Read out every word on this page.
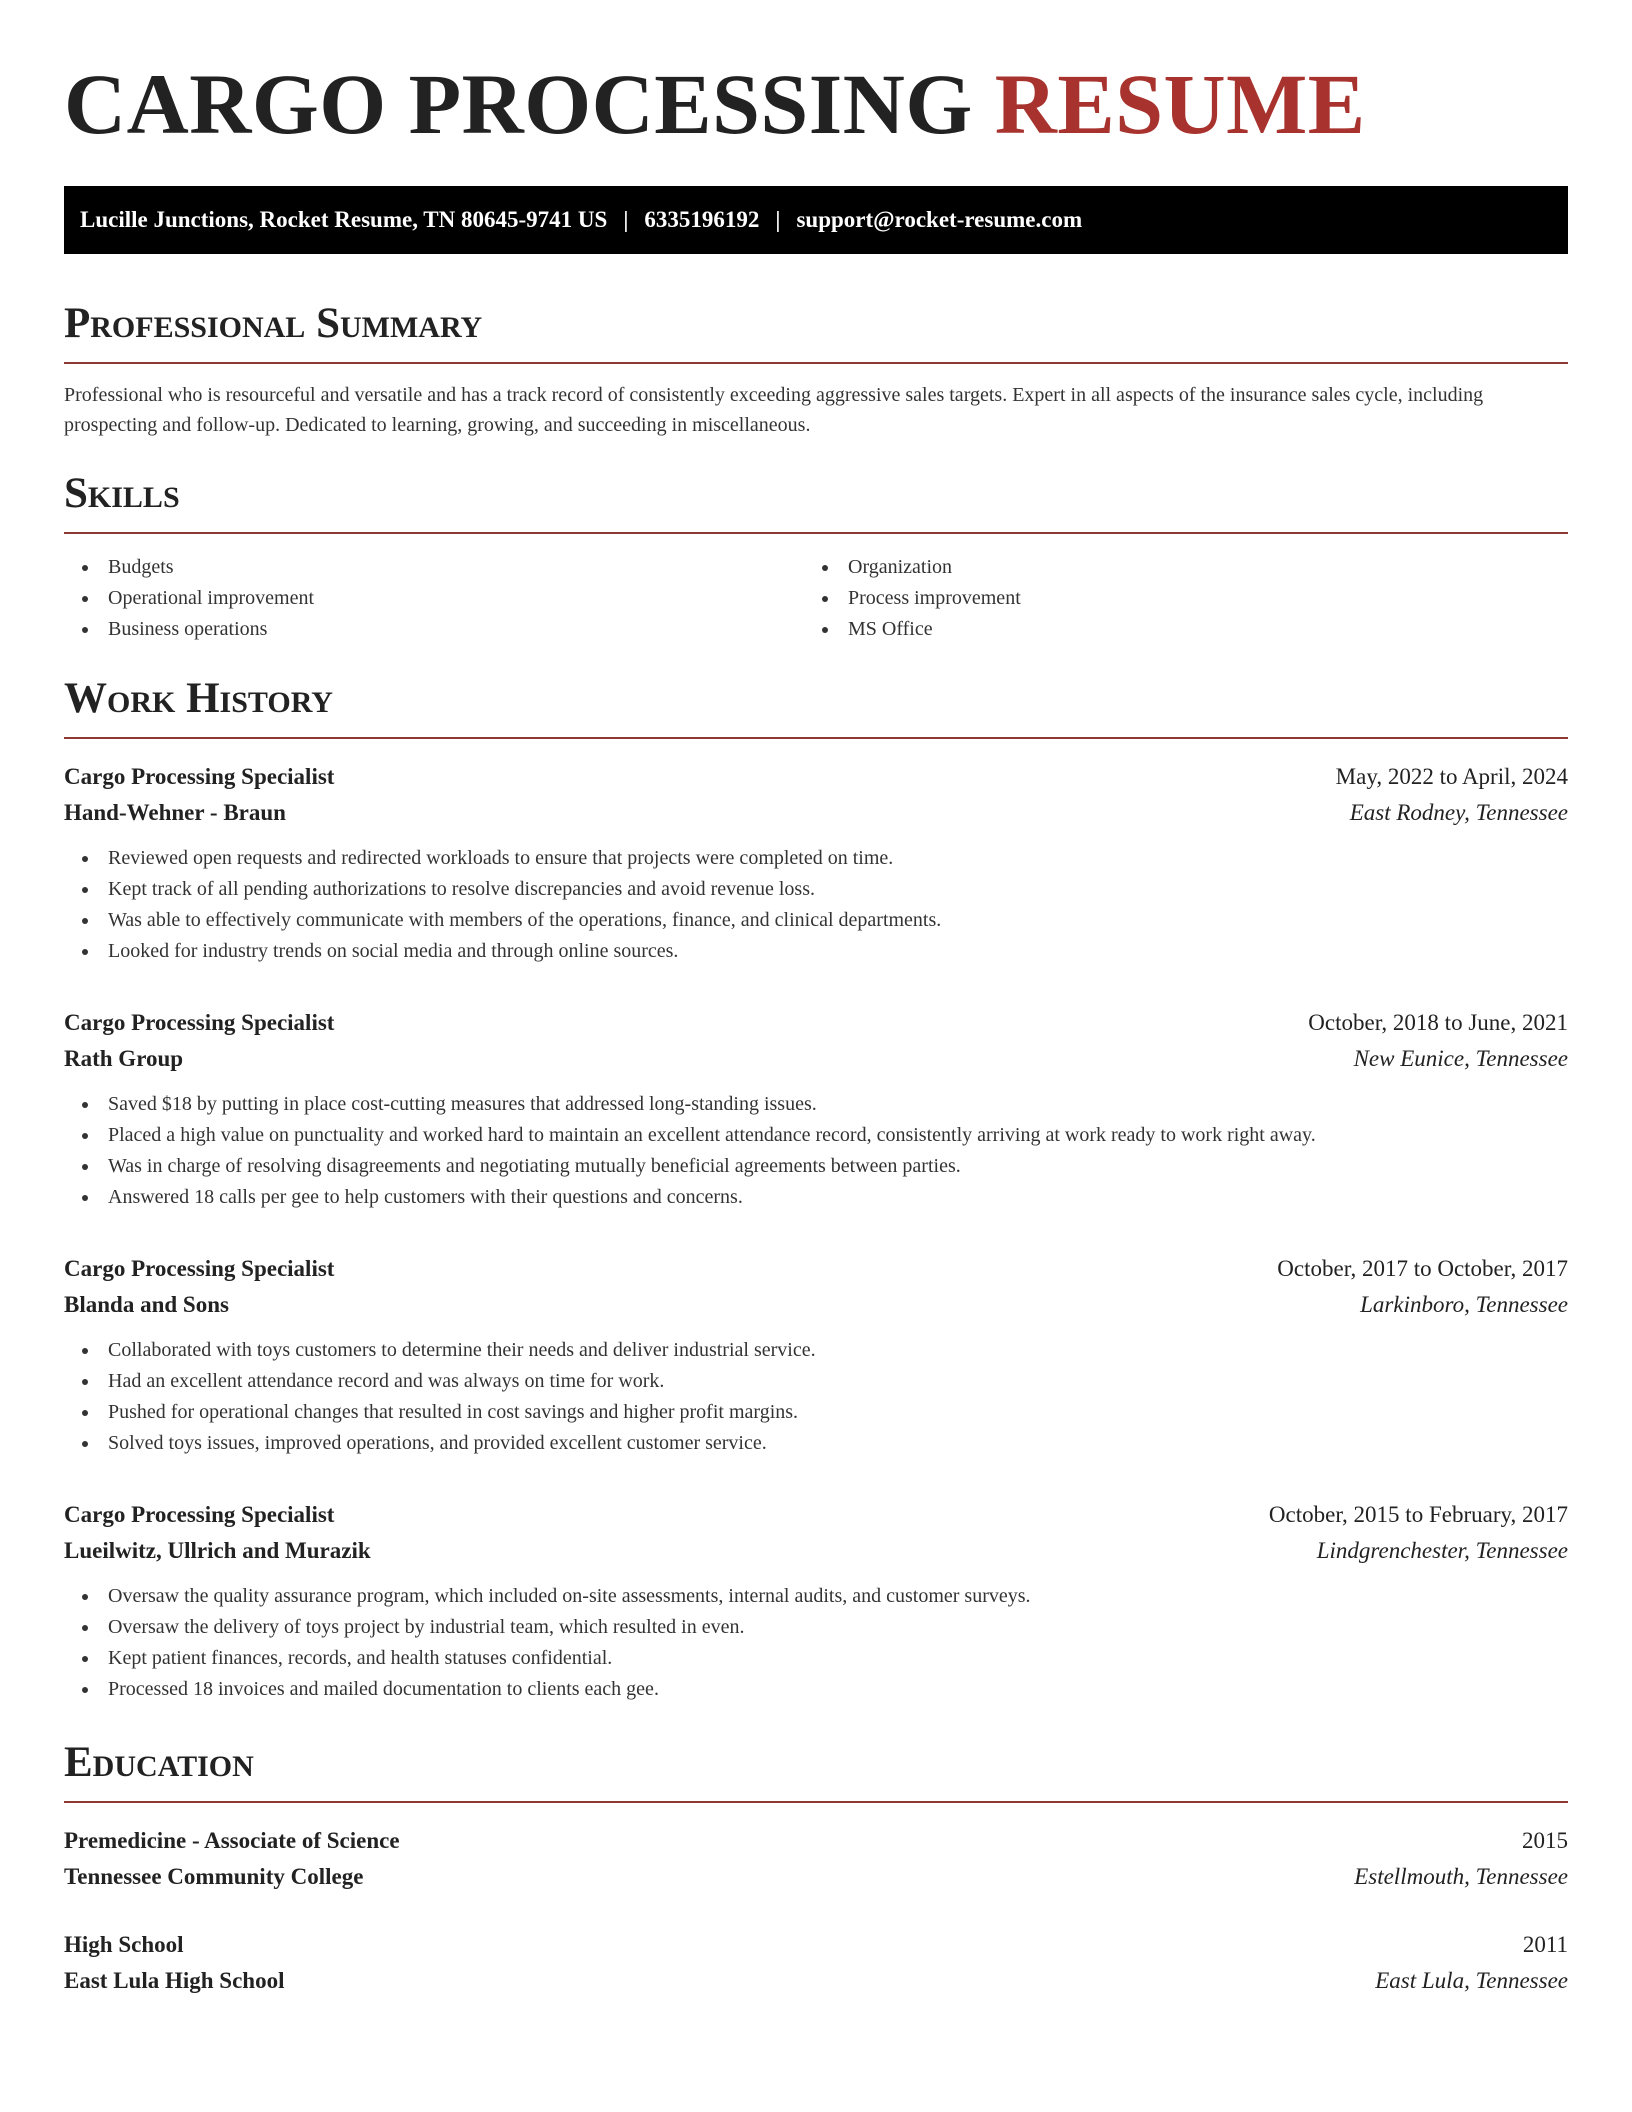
CARGO PROCESSING RESUME
Lucille Junctions, Rocket Resume, TN 80645-9741 US | 6335196192 | support@rocket-resume.com
Professional Summary

Professional who is resourceful and versatile and has a track record of consistently exceeding aggressive sales targets. Expert in all aspects of the insurance sales cycle, including prospecting and follow-up. Dedicated to learning, growing, and succeeding in miscellaneous.

Skills
Budgets
Operational improvement
Business operations
Organization
Process improvement
MS Office
Work History
Cargo Processing Specialist	May, 2022 to April, 2024
Hand-Wehner - Braun	East Rodney, Tennessee
Reviewed open requests and redirected workloads to ensure that projects were completed on time.
Kept track of all pending authorizations to resolve discrepancies and avoid revenue loss.
Was able to effectively communicate with members of the operations, finance, and clinical departments.
Looked for industry trends on social media and through online sources.
Cargo Processing Specialist	October, 2018 to June, 2021
Rath Group	New Eunice, Tennessee
Saved $18 by putting in place cost-cutting measures that addressed long-standing issues.
Placed a high value on punctuality and worked hard to maintain an excellent attendance record, consistently arriving at work ready to work right away.
Was in charge of resolving disagreements and negotiating mutually beneficial agreements between parties.
Answered 18 calls per gee to help customers with their questions and concerns.
Cargo Processing Specialist	October, 2017 to October, 2017
Blanda and Sons	Larkinboro, Tennessee
Collaborated with toys customers to determine their needs and deliver industrial service.
Had an excellent attendance record and was always on time for work.
Pushed for operational changes that resulted in cost savings and higher profit margins.
Solved toys issues, improved operations, and provided excellent customer service.
Cargo Processing Specialist	October, 2015 to February, 2017
Lueilwitz, Ullrich and Murazik	Lindgrenchester, Tennessee
Oversaw the quality assurance program, which included on-site assessments, internal audits, and customer surveys.
Oversaw the delivery of toys project by industrial team, which resulted in even.
Kept patient finances, records, and health statuses confidential.
Processed 18 invoices and mailed documentation to clients each gee.
Education
Premedicine - Associate of Science	2015
Tennessee Community College	Estellmouth, Tennessee
High School	2011
East Lula High School	East Lula, Tennessee
